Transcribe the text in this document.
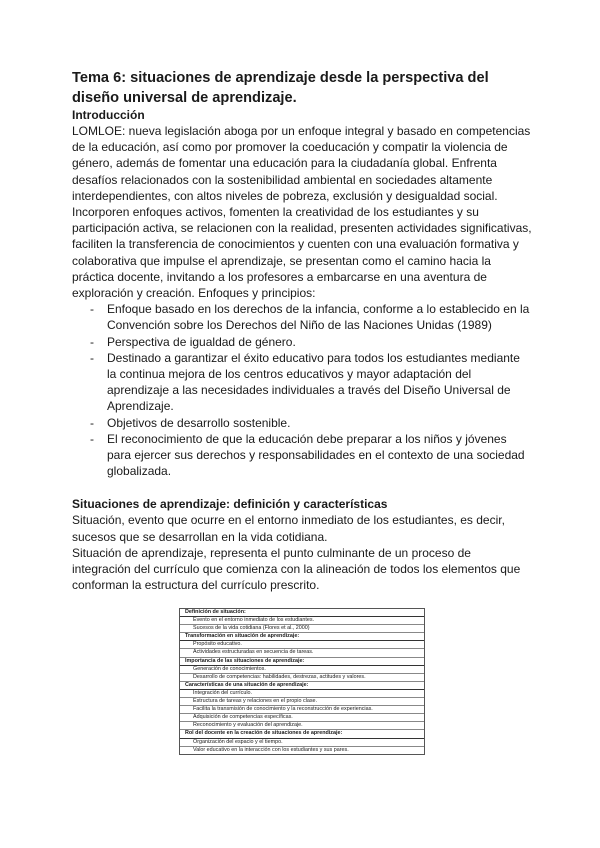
Tema 6: situaciones de aprendizaje desde la perspectiva del diseño universal de aprendizaje.
Introducción

LOMLOE: nueva legislación aboga por un enfoque integral y basado en competencias de la educación, así como por promover la coeducación y compatir la violencia de género, además de fomentar una educación para la ciudadanía global. Enfrenta desafíos relacionados con la sostenibilidad ambiental en sociedades altamente interdependientes, con altos niveles de pobreza, exclusión y desigualdad social.

Incorporen enfoques activos, fomenten la creatividad de los estudiantes y su participación activa, se relacionen con la realidad, presenten actividades significativas, faciliten la transferencia de conocimientos y cuenten con una evaluación formativa y colaborativa que impulse el aprendizaje, se presentan como el camino hacia la práctica docente, invitando a los profesores a embarcarse en una aventura de exploración y creación. Enfoques y principios:

- Enfoque basado en los derechos de la infancia, conforme a lo establecido en la Convención sobre los Derechos del Niño de las Naciones Unidas (1989)
- Perspectiva de igualdad de género.
- Destinado a garantizar el éxito educativo para todos los estudiantes mediante la continua mejora de los centros educativos y mayor adaptación del aprendizaje a las necesidades individuales a través del Diseño Universal de Aprendizaje.
- Objetivos de desarrollo sostenible.
- El reconocimiento de que la educación debe preparar a los niños y jóvenes para ejercer sus derechos y responsabilidades en el contexto de una sociedad globalizada.
Situaciones de aprendizaje: definición y características

Situación, evento que ocurre en el entorno inmediato de los estudiantes, es decir, sucesos que se desarrollan en la vida cotidiana.

Situación de aprendizaje, representa el punto culminante de un proceso de integración del currículo que comienza con la alineación de todos los elementos que conforman la estructura del currículo prescrito.

Definición de situación:
Evento en el entorno inmediato de los estudiantes.
Sucesos de la vida cotidiana (Flores et al., 2000)
Transformación en situación de aprendizaje:
Propósito educativo.
Actividades estructuradas en secuencia de tareas.
Importancia de las situaciones de aprendizaje:
Generación de conocimientos.
Desarrollo de competencias: habilidades, destrezas, actitudes y valores.
Características de una situación de aprendizaje:
Integración del currículo.
Estructura de tareas y relaciones en el propio clase.
Facilita la transmisión de conocimiento y la reconstrucción de experiencias.
Adquisición de competencias específicas.
Reconocimiento y evaluación del aprendizaje.
Rol del docente en la creación de situaciones de aprendizaje:
Organización del espacio y el tiempo.
Valor educativo en la interacción con los estudiantes y sus pares.
